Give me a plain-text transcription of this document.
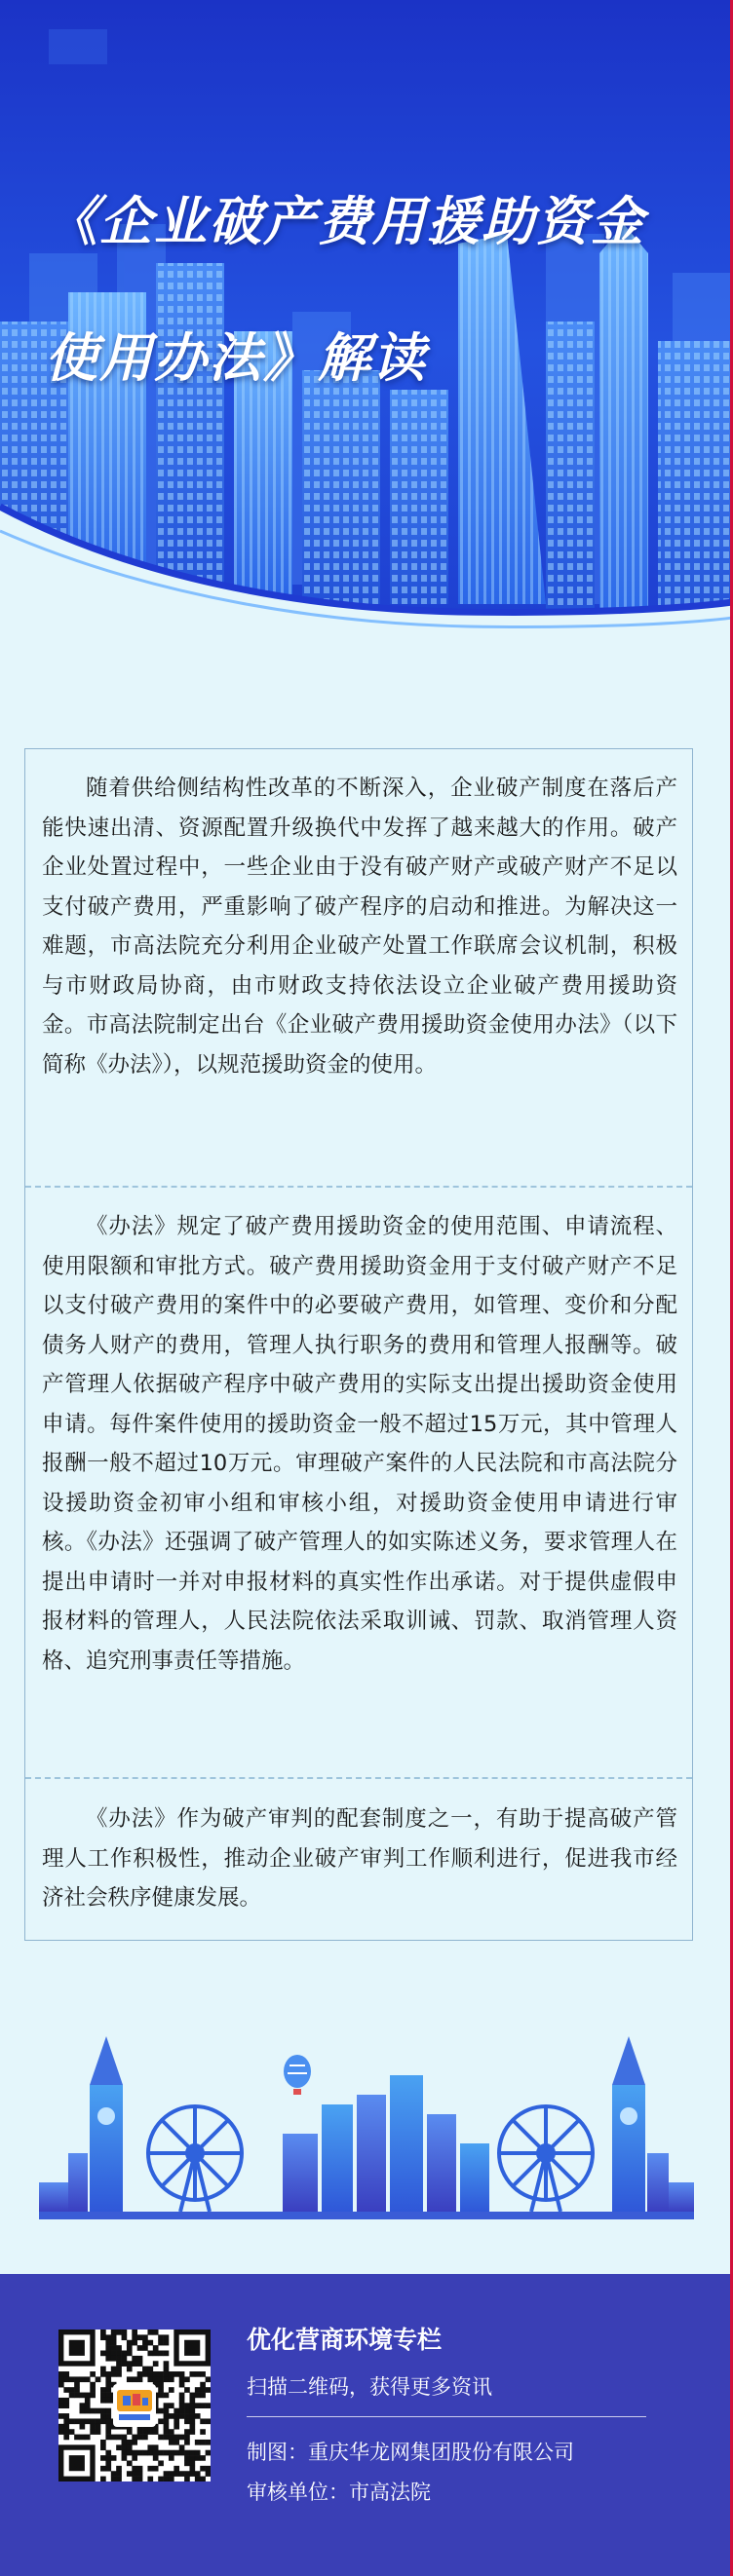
《企业破产费用援助资金
使用办法》解读

随着供给侧结构性改革的不断深入，企业破产制度在落后产能快速出清、资源配置升级换代中发挥了越来越大的作用。破产企业处置过程中，一些企业由于没有破产财产或破产财产不足以支付破产费用，严重影响了破产程序的启动和推进。为解决这一难题，市高法院充分利用企业破产处置工作联席会议机制，积极与市财政局协商，由市财政支持依法设立企业破产费用援助资金。市高法院制定出台《企业破产费用援助资金使用办法》（以下简称《办法》），以规范援助资金的使用。

《办法》规定了破产费用援助资金的使用范围、申请流程、使用限额和审批方式。破产费用援助资金用于支付破产财产不足以支付破产费用的案件中的必要破产费用，如管理、变价和分配债务人财产的费用，管理人执行职务的费用和管理人报酬等。破产管理人依据破产程序中破产费用的实际支出提出援助资金使用申请。每件案件使用的援助资金一般不超过15万元，其中管理人报酬一般不超过10万元。审理破产案件的人民法院和市高法院分设援助资金初审小组和审核小组，对援助资金使用申请进行审核。《办法》还强调了破产管理人的如实陈述义务，要求管理人在提出申请时一并对申报材料的真实性作出承诺。对于提供虚假申报材料的管理人，人民法院依法采取训诫、罚款、取消管理人资格、追究刑事责任等措施。

《办法》作为破产审判的配套制度之一，有助于提高破产管理人工作积极性，推动企业破产审判工作顺利进行，促进我市经济社会秩序健康发展。

优化营商环境专栏
扫描二维码，获得更多资讯
制图：重庆华龙网集团股份有限公司
审核单位：市高法院
